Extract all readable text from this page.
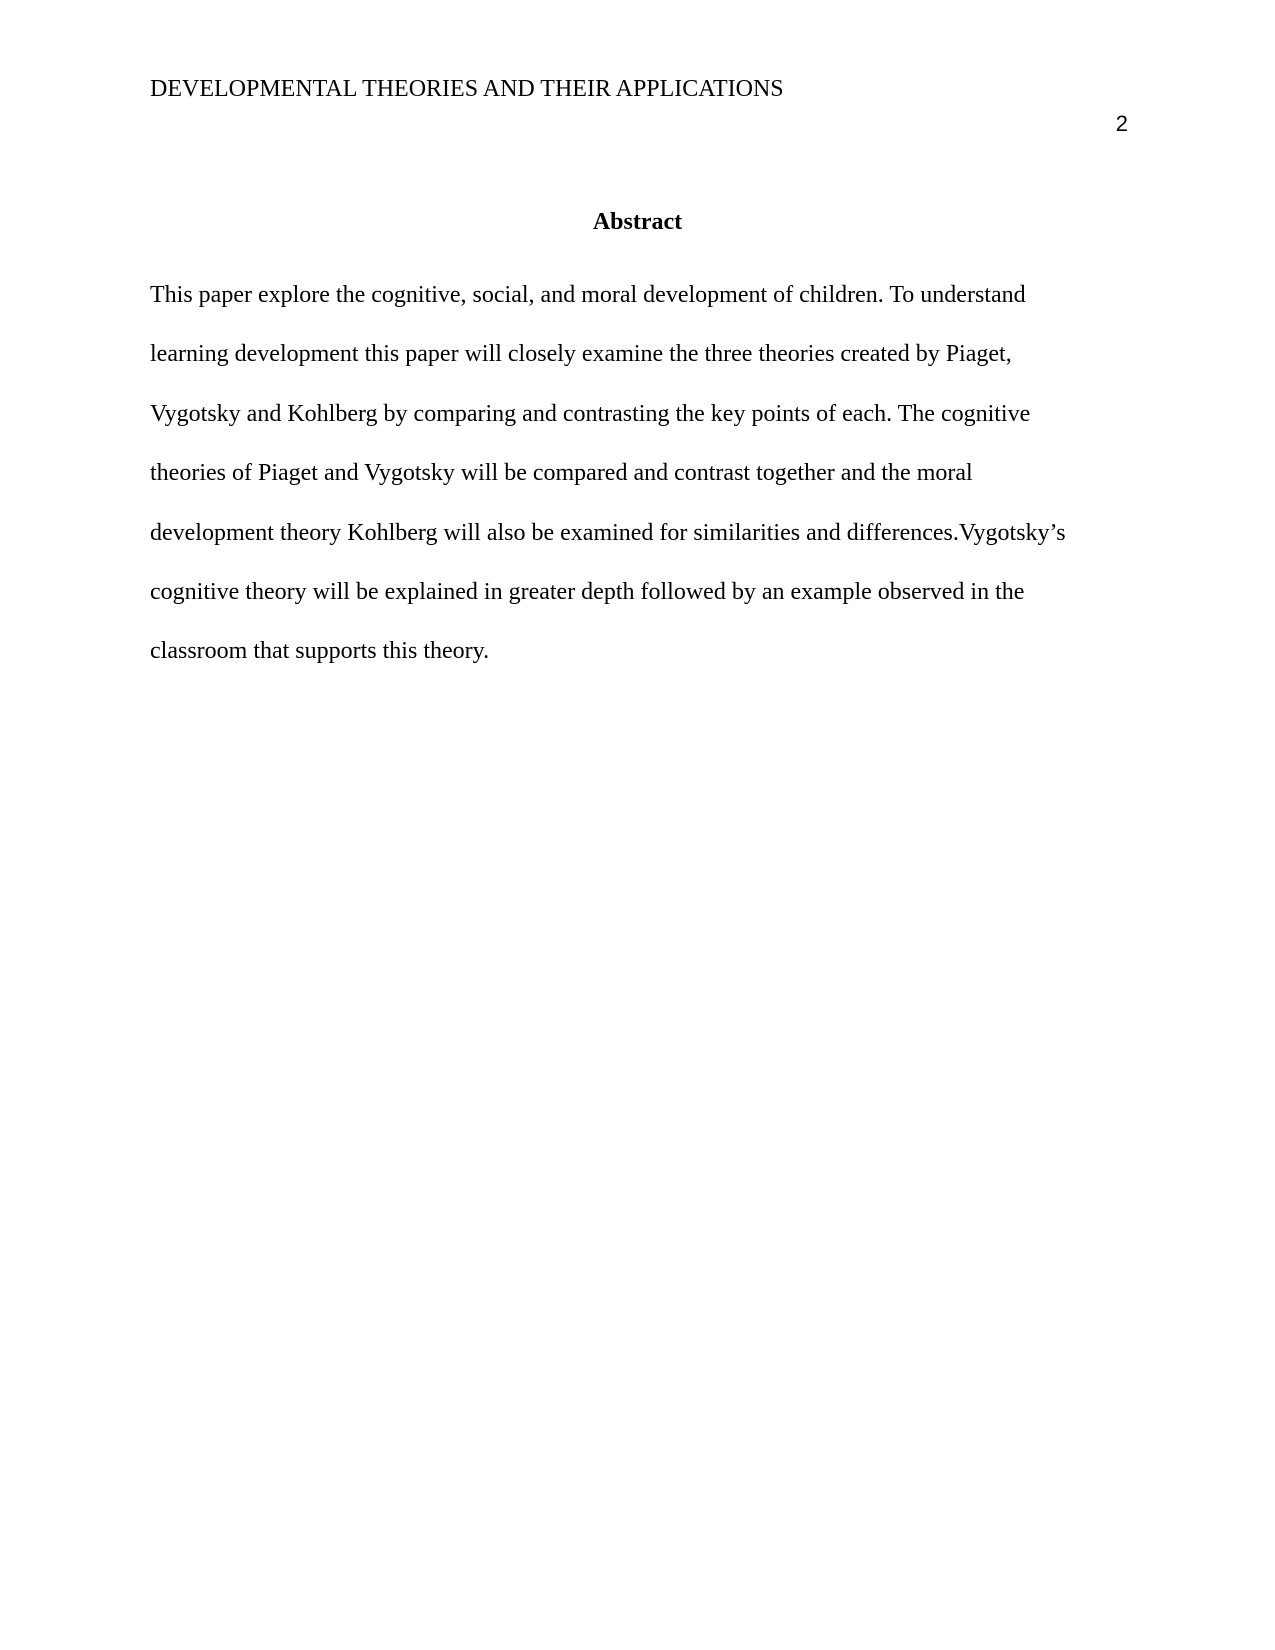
DEVELOPMENTAL THEORIES AND THEIR APPLICATIONS
2
Abstract
This paper explore the cognitive, social, and moral development of children. To understand
learning development this paper will closely examine the three theories created by Piaget,
Vygotsky and Kohlberg by comparing and contrasting the key points of each. The cognitive
theories of Piaget and Vygotsky will be compared and contrast together and the moral
development theory Kohlberg will also be examined for similarities and differences.Vygotsky’s
cognitive theory will be explained in greater depth followed by an example observed in the
classroom that supports this theory.
